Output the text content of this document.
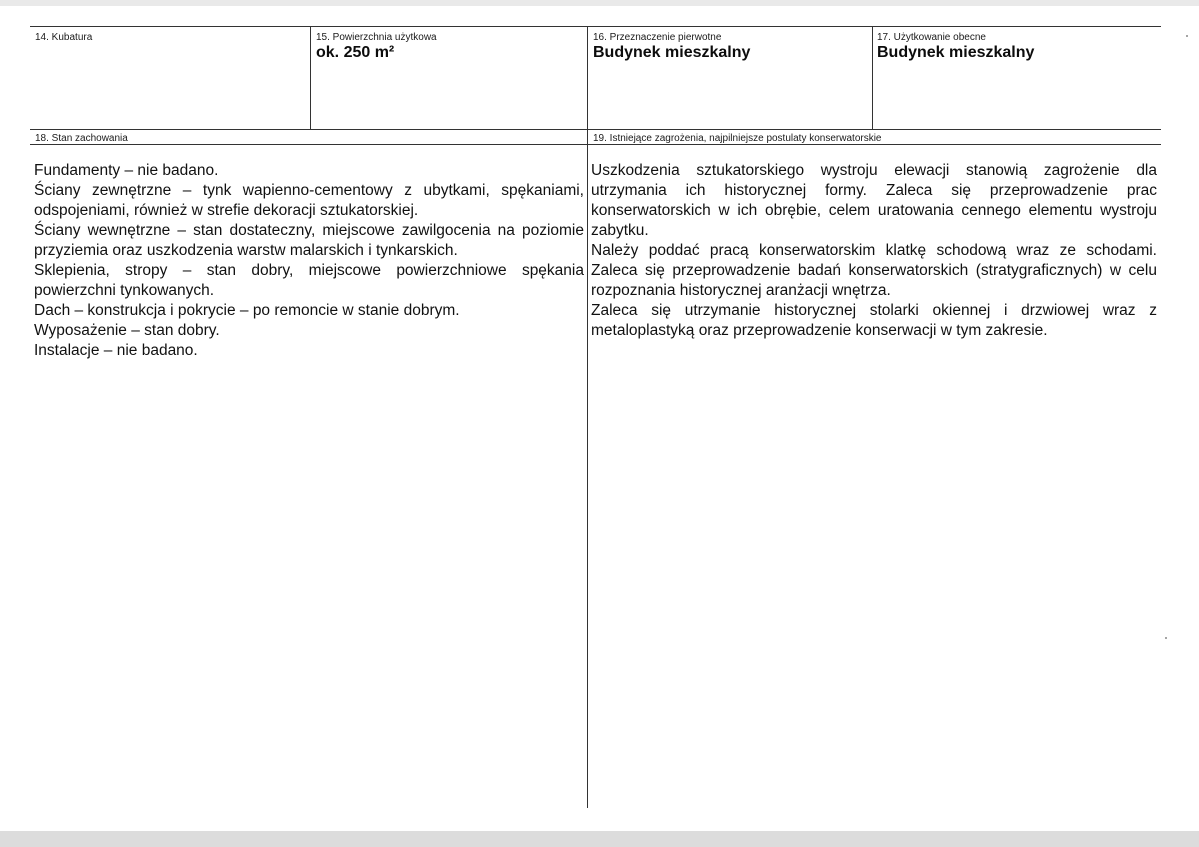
14. Kubatura	15. Powierzchnia użytkowa
ok. 250 m²
16. Przeznaczenie pierwotne
Budynek mieszkalny
17. Użytkowanie obecne
Budynek mieszkalny
18. Stan zachowania

Fundamenty – nie badano.

Ściany zewnętrzne – tynk wapienno-cementowy z ubytkami, spękaniami, odspojeniami, również w strefie dekoracji sztukatorskiej.

Ściany wewnętrzne – stan dostateczny, miejscowe zawilgocenia na poziomie przyziemia oraz uszkodzenia warstw malarskich i tynkarskich.

Sklepienia, stropy – stan dobry, miejscowe powierzchniowe spękania powierzchni tynkowanych.

Dach – konstrukcja i pokrycie – po remoncie w stanie dobrym.

Wyposażenie – stan dobry.

Instalacje – nie badano.

19. Istniejące zagrożenia, najpilniejsze postulaty konserwatorskie

Uszkodzenia sztukatorskiego wystroju elewacji stanowią zagrożenie dla utrzymania ich historycznej formy. Zaleca się przeprowadzenie prac konserwatorskich w ich obrębie, celem uratowania cennego elementu wystroju zabytku.

Należy poddać pracą konserwatorskim klatkę schodową wraz ze schodami. Zaleca się przeprowadzenie badań konserwatorskich (stratygraficznych) w celu rozpoznania historycznej aranżacji wnętrza.

Zaleca się utrzymanie historycznej stolarki okiennej i drzwiowej wraz z metaloplastyką oraz przeprowadzenie konserwacji w tym zakresie.
